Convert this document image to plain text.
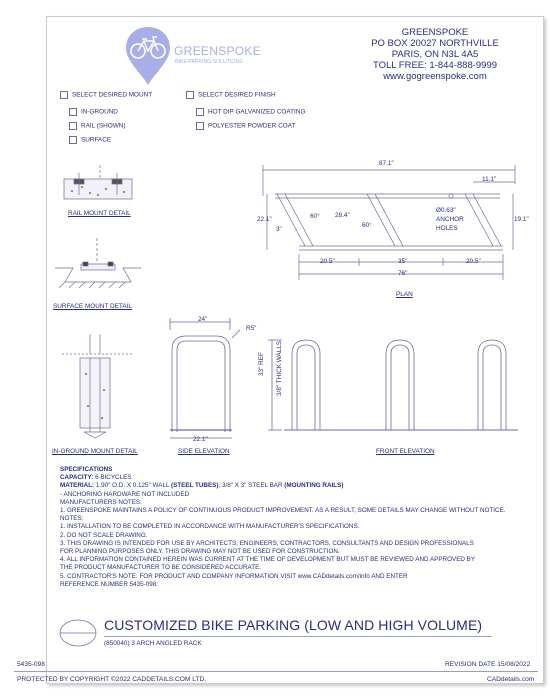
GREENSPOKE
BIKE PARKING SOLUTIONS
GREENSPOKE
PO BOX 20027 NORTHVILLE
PARIS, ON N3L 4A5
TOLL FREE: 1-844-888-9999
www.gogreenspoke.com
SELECT DESIRED MOUNT
IN-GROUND
RAIL (SHOWN)
SURFACE
SELECT DESIRED FINISH
HOT DIP GALVANIZED COATING
POLYESTER POWDER COAT
RAIL MOUNT DETAIL
SURFACE MOUNT DETAIL
IN-GROUND MOUNT DETAIL
87.1"
11.1"
60° 28.4"
60°
22.1"
3"
19.1"
Ø0.63"
ANCHOR
HOLES
20.5"	35"	20.5"
76"
PLAN
24"
R5"
22.1"
SIDE ELEVATION
33" REF 3/8" THICK WALLS
FRONT ELEVATION

SPECIFICATIONS

CAPACITY: 6 BICYCLES

MATERIAL: 1.90" O.D. X 0.125" WALL (STEEL TUBES), 3/8" X 3" STEEL BAR (MOUNTING RAILS)

- ANCHORING HARDWARE NOT INCLUDED

MANUFACTURERS NOTES:

1. GREENSPOKE MAINTAINS A POLICY OF CONTINUOUS PRODUCT IMPROVEMENT. AS A RESULT, SOME DETAILS MAY CHANGE WITHOUT NOTICE.

NOTES:

1. INSTALLATION TO BE COMPLETED IN ACCORDANCE WITH MANUFACTURER'S SPECIFICATIONS.

2. DO NOT SCALE DRAWING.

3. THIS DRAWING IS INTENDED FOR USE BY ARCHITECTS, ENGINEERS, CONTRACTORS, CONSULTANTS AND DESIGN PROFESSIONALS

FOR PLANNING PURPOSES ONLY. THIS DRAWING MAY NOT BE USED FOR CONSTRUCTION.

4. ALL INFORMATION CONTAINED HEREIN WAS CURRENT AT THE TIME OF DEVELOPMENT BUT MUST BE REVIEWED AND APPROVED BY

THE PRODUCT MANUFACTURER TO BE CONSIDERED ACCURATE.

5. CONTRACTOR'S NOTE: FOR PRODUCT AND COMPANY INFORMATION VISIT www.CADdetails.com/info AND ENTER

REFERENCE NUMBER 5435-098.

CUSTOMIZED BIKE PARKING (LOW AND HIGH VOLUME)
(850040) 3 ARCH ANGLED RACK
5435-098	REVISION DATE 15/08/2022
PROTECTED BY COPYRIGHT ©2022 CADDETAILS.COM LTD.	CADdetails.com
